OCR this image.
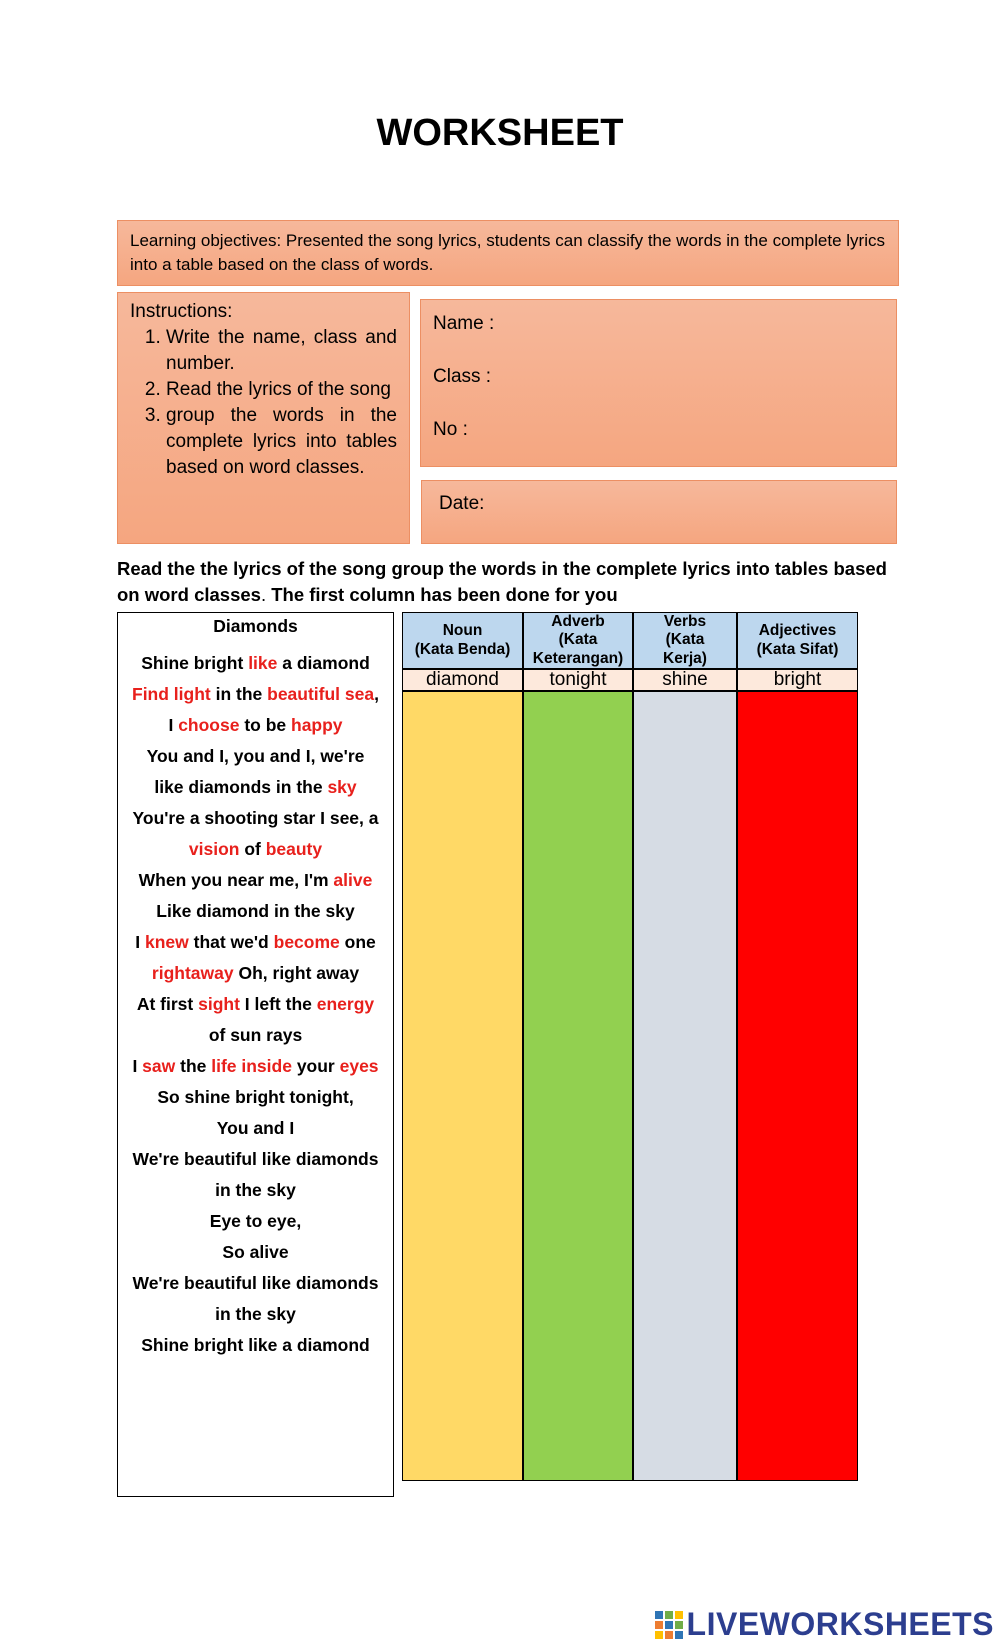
WORKSHEET
Learning objectives: Presented the song lyrics, students can classify the words in the complete lyrics into a table based on the class of words.
Instructions:
1. Write the name, class and number.
2. Read the lyrics of the song
3. group the words in the complete lyrics into tables based on word classes.
Name :
Class :
No :
Date:
Read the the lyrics of the song group the words in the complete lyrics into tables based on word classes. The first column has been done for you
Diamonds
Shine bright like a diamond
Find light in the beautiful sea,
I choose to be happy
You and I, you and I, we're
like diamonds in the sky
You're a shooting star I see, a
vision of beauty
When you near me, I'm alive
Like diamond in the sky
I knew that we'd become one
rightaway Oh, right away
At first sight I left the energy
of sun rays
I saw the life inside your eyes
So shine bright tonight,
You and I
We're beautiful like diamonds
in the sky
Eye to eye,
So alive
We're beautiful like diamonds
in the sky
Shine bright like a diamond
Noun
(Kata Benda)
diamond
Adverb
(Kata
Keterangan)
tonight
Verbs
(Kata
Kerja)
shine
Adjectives
(Kata Sifat)
bright
LIVEWORKSHEETS
